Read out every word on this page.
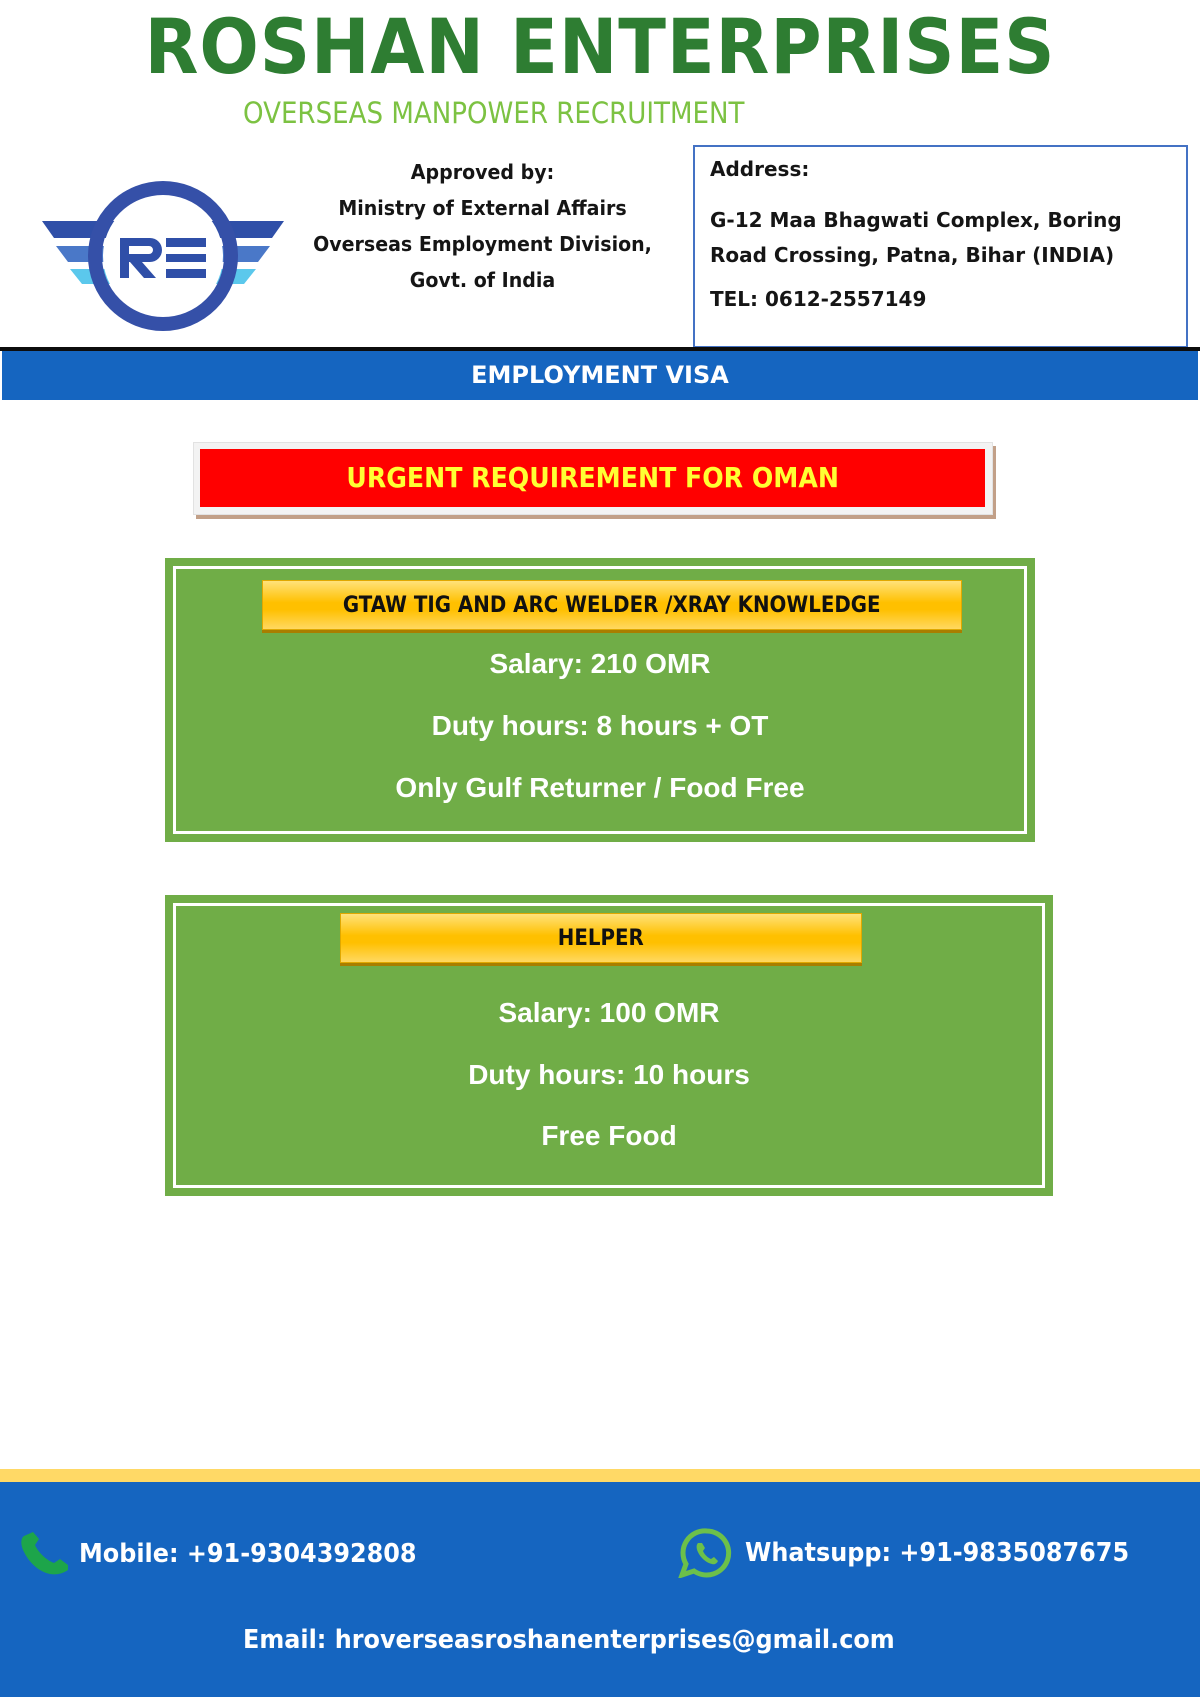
ROSHAN ENTERPRISES
OVERSEAS MANPOWER RECRUITMENT
Approved by:
Ministry of External Affairs
Overseas Employment Division,
Govt. of India
Address:
G-12 Maa Bhagwati Complex, Boring
Road Crossing, Patna, Bihar (INDIA)
TEL: 0612-2557149
EMPLOYMENT VISA
URGENT REQUIREMENT FOR OMAN
GTAW TIG AND ARC WELDER /XRAY KNOWLEDGE
Salary: 210 OMR
Duty hours: 8 hours + OT
Only Gulf Returner / Food Free
HELPER
Salary: 100 OMR
Duty hours: 10 hours
Free Food
Mobile: +91-9304392808	Whatsupp: +91-9835087675
Email: hroverseasroshanenterprises@gmail.com
